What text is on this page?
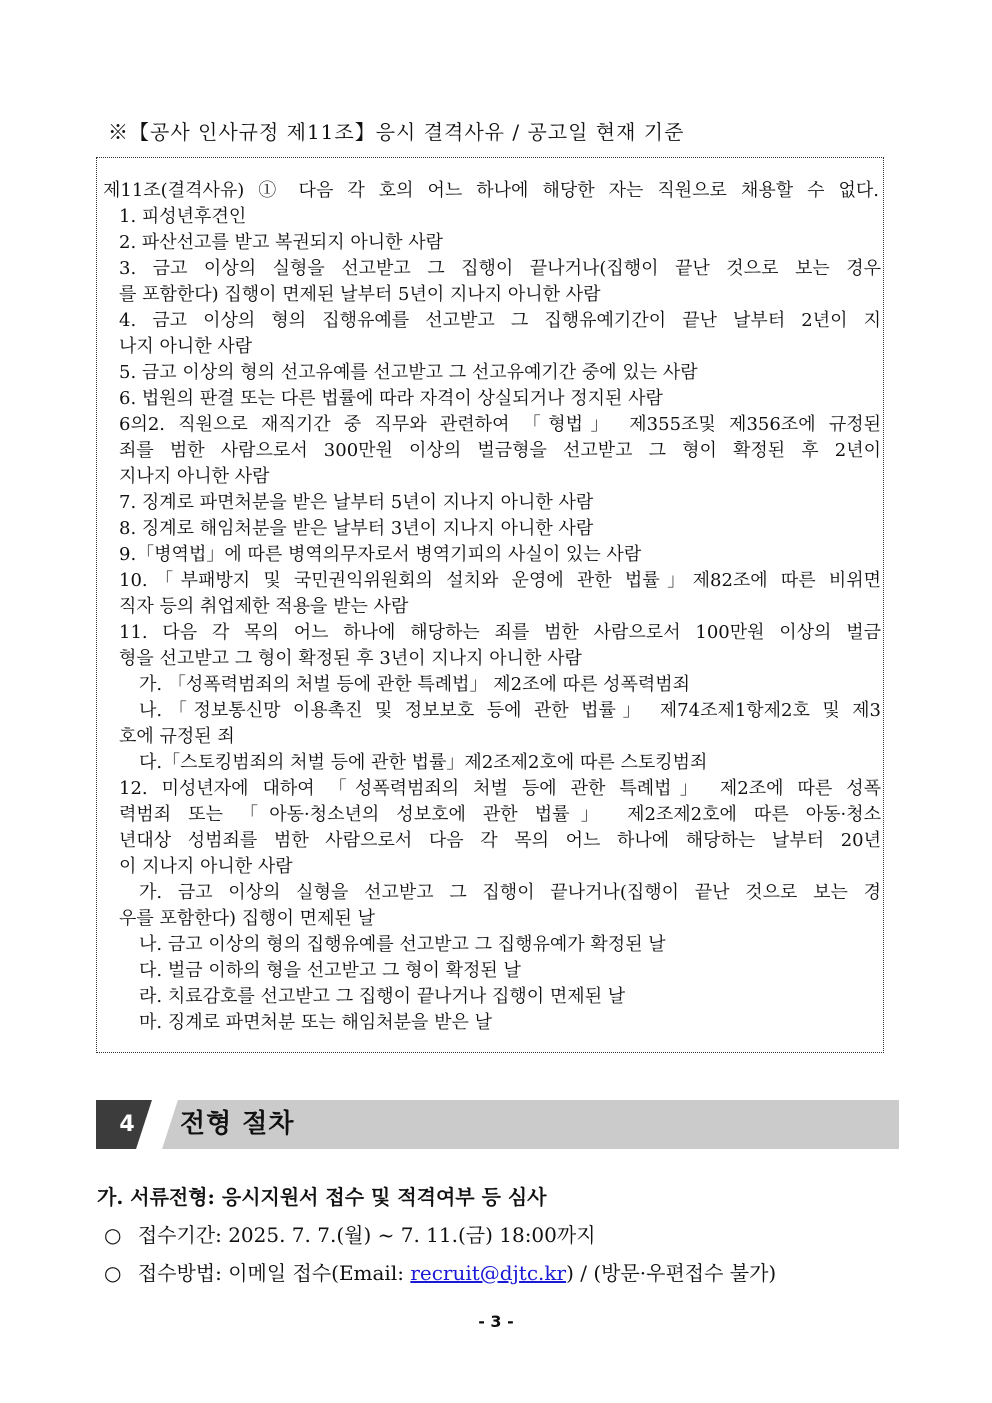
※【공사 인사규정 제11조】응시 결격사유 / 공고일 현재 기준
제11조(결격사유) ① 다음 각 호의 어느 하나에 해당한 자는 직원으로 채용할 수 없다.
1. 피성년후견인
2. 파산선고를 받고 복권되지 아니한 사람
3. 금고 이상의 실형을 선고받고 그 집행이 끝나거나(집행이 끝난 것으로 보는 경우
를 포함한다) 집행이 면제된 날부터 5년이 지나지 아니한 사람
4. 금고 이상의 형의 집행유예를 선고받고 그 집행유예기간이 끝난 날부터 2년이 지
나지 아니한 사람
5. 금고 이상의 형의 선고유예를 선고받고 그 선고유예기간 중에 있는 사람
6. 법원의 판결 또는 다른 법률에 따라 자격이 상실되거나 정지된 사람
6의2. 직원으로 재직기간 중 직무와 관련하여 「형법」 제355조및 제356조에 규정된
죄를 범한 사람으로서 300만원 이상의 벌금형을 선고받고 그 형이 확정된 후 2년이
지나지 아니한 사람
7. 징계로 파면처분을 받은 날부터 5년이 지나지 아니한 사람
8. 징계로 해임처분을 받은 날부터 3년이 지나지 아니한 사람
9.「병역법」에 따른 병역의무자로서 병역기피의 사실이 있는 사람
10.「부패방지 및 국민권익위원회의 설치와 운영에 관한 법률」제82조에 따른 비위면
직자 등의 취업제한 적용을 받는 사람
11. 다음 각 목의 어느 하나에 해당하는 죄를 범한 사람으로서 100만원 이상의 벌금
형을 선고받고 그 형이 확정된 후 3년이 지나지 아니한 사람
가. 「성폭력범죄의 처벌 등에 관한 특례법」 제2조에 따른 성폭력범죄
나.「정보통신망 이용촉진 및 정보보호 등에 관한 법률」 제74조제1항제2호 및 제3
호에 규정된 죄
다.「스토킹범죄의 처벌 등에 관한 법률」제2조제2호에 따른 스토킹범죄
12. 미성년자에 대하여 「성폭력범죄의 처벌 등에 관한 특례법」 제2조에 따른 성폭
력범죄 또는 「아동·청소년의 성보호에 관한 법률」 제2조제2호에 따른 아동·청소
년대상 성범죄를 범한 사람으로서 다음 각 목의 어느 하나에 해당하는 날부터 20년
이 지나지 아니한 사람
가. 금고 이상의 실형을 선고받고 그 집행이 끝나거나(집행이 끝난 것으로 보는 경
우를 포함한다) 집행이 면제된 날
나. 금고 이상의 형의 집행유예를 선고받고 그 집행유예가 확정된 날
다. 벌금 이하의 형을 선고받고 그 형이 확정된 날
라. 치료감호를 선고받고 그 집행이 끝나거나 집행이 면제된 날
마. 징계로 파면처분 또는 해임처분을 받은 날
4	전형 절차
가. 서류전형: 응시지원서 접수 및 적격여부 등 심사
○ 접수기간: 2025. 7. 7.(월) ~ 7. 11.(금) 18:00까지
○ 접수방법: 이메일 접수(Email: recruit@djtc.kr) / (방문·우편접수 불가)
- 3 -
